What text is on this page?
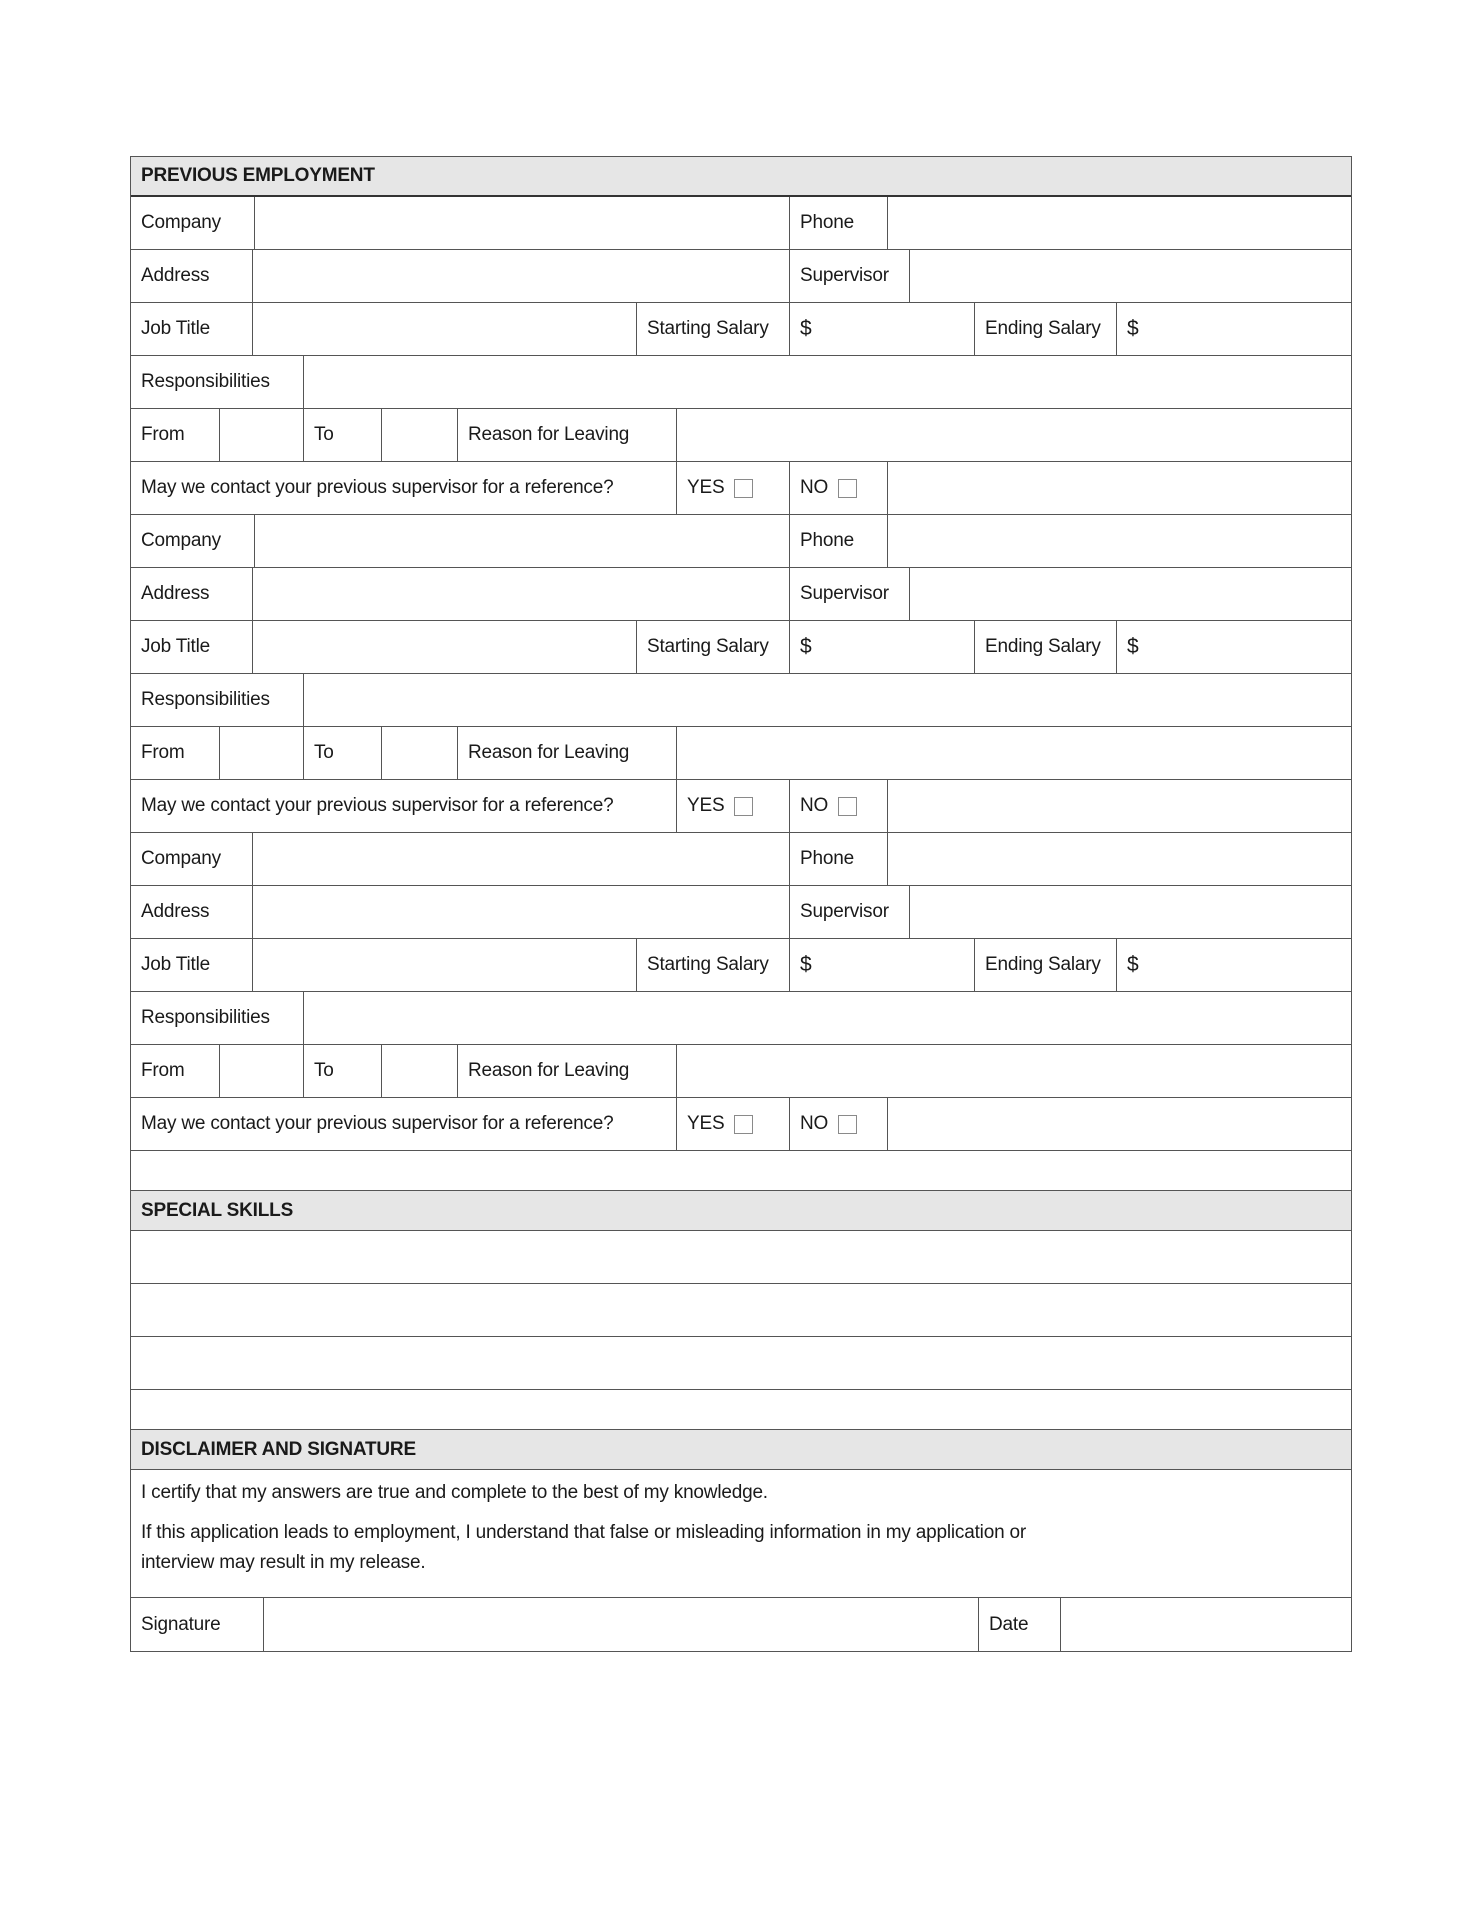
PREVIOUS EMPLOYMENT
Company	Phone
Address	Supervisor
Job Title	Starting Salary	$	Ending Salary	$
Responsibilities
From	To	Reason for Leaving
May we contact your previous supervisor for a reference?	YES	NO
Company	Phone
Address	Supervisor
Job Title	Starting Salary	$	Ending Salary	$
Responsibilities
From	To	Reason for Leaving
May we contact your previous supervisor for a reference?	YES	NO
Company	Phone
Address	Supervisor
Job Title	Starting Salary	$	Ending Salary	$
Responsibilities
From	To	Reason for Leaving
May we contact your previous supervisor for a reference?	YES	NO
SPECIAL SKILLS
DISCLAIMER AND SIGNATURE

I certify that my answers are true and complete to the best of my knowledge.

If this application leads to employment, I understand that false or misleading information in my application or interview may result in my release.

Signature	Date
